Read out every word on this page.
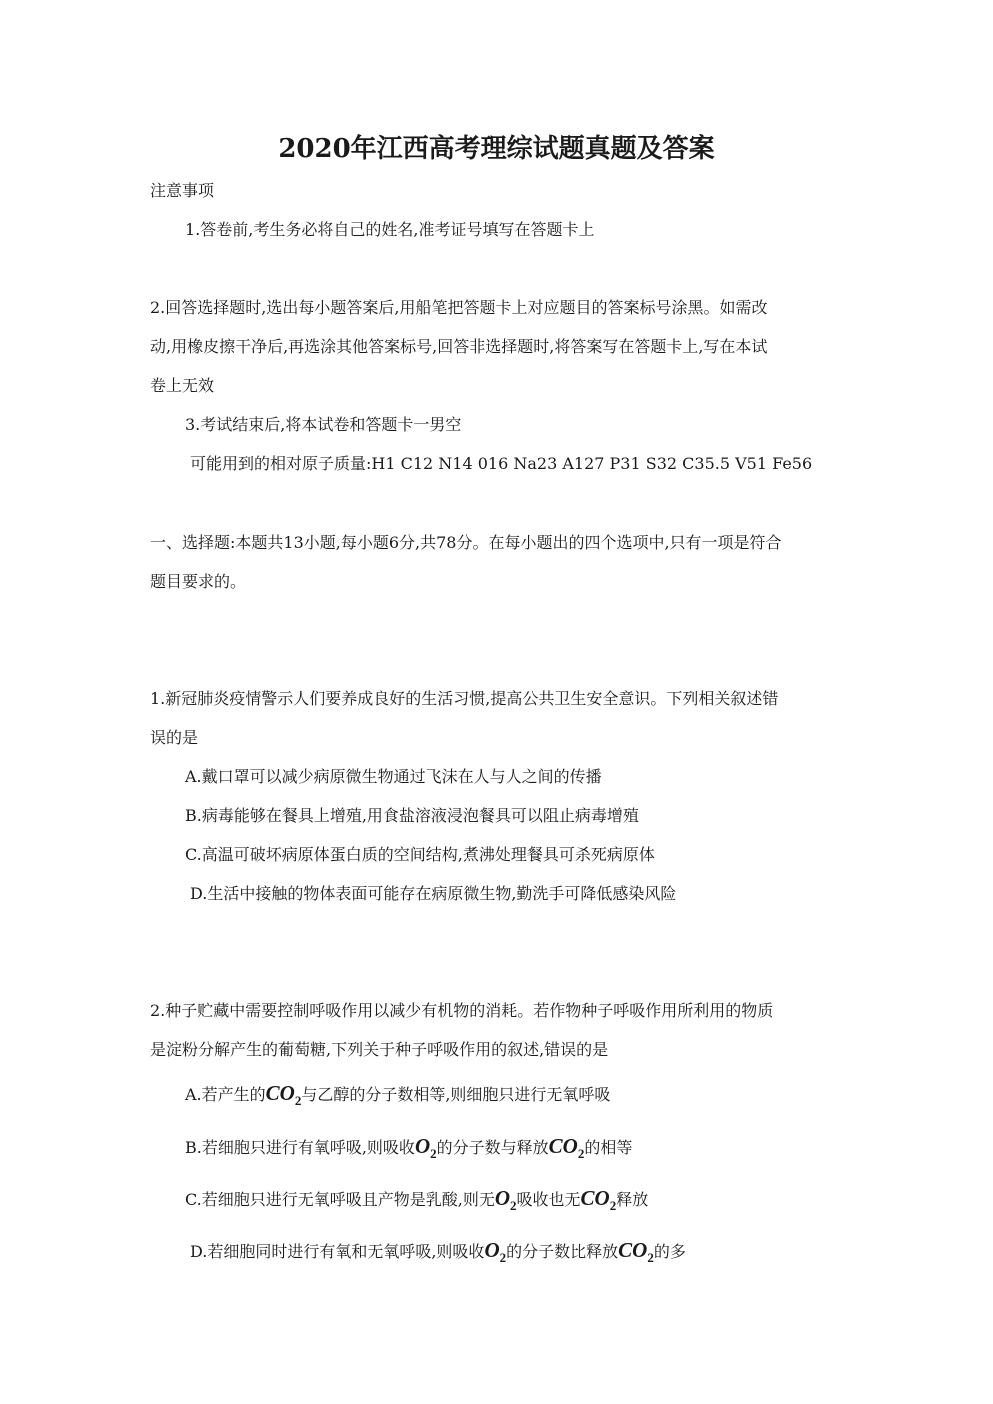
2020年江西高考理综试题真题及答案
注意事项
1.答卷前,考生务必将自己的姓名,准考证号填写在答题卡上
2.回答选择题时,选出每小题答案后,用船笔把答题卡上对应题目的答案标号涂黑。如需改
动,用橡皮擦干净后,再选涂其他答案标号,回答非选择题时,将答案写在答题卡上,写在本试
卷上无效
3.考试结束后,将本试卷和答题卡一男空
可能用到的相对原子质量:H1 C12 N14 016 Na23 A127 P31 S32 C35.5 V51 Fe56
一、选择题:本题共13小题,每小题6分,共78分。在每小题出的四个选项中,只有一项是符合
题目要求的。
1.新冠肺炎疫情警示人们要养成良好的生活习惯,提高公共卫生安全意识。下列相关叙述错
误的是
A.戴口罩可以减少病原微生物通过飞沫在人与人之间的传播
B.病毒能够在餐具上增殖,用食盐溶液浸泡餐具可以阻止病毒增殖
C.高温可破坏病原体蛋白质的空间结构,煮沸处理餐具可杀死病原体
D.生活中接触的物体表面可能存在病原微生物,勤洗手可降低感染风险
2.种子贮藏中需要控制呼吸作用以减少有机物的消耗。若作物种子呼吸作用所利用的物质
是淀粉分解产生的葡萄糖,下列关于种子呼吸作用的叙述,错误的是
A.若产生的$CO_2$与乙醇的分子数相等,则细胞只进行无氧呼吸
B.若细胞只进行有氧呼吸,则吸收$O_2$的分子数与释放$CO_2$的相等
C.若细胞只进行无氧呼吸且产物是乳酸,则无$O_2$吸收也无$CO_2$释放
D.若细胞同时进行有氧和无氧呼吸,则吸收$O_2$的分子数比释放$CO_2$的多
